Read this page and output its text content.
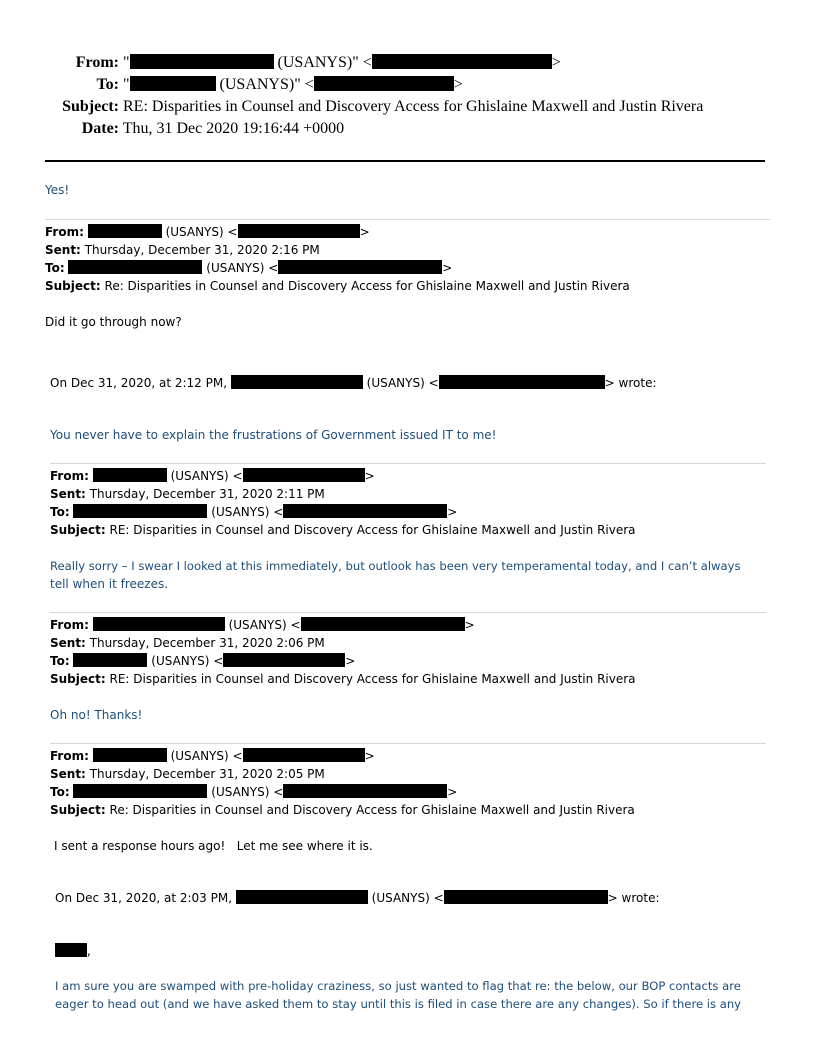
From: "	(USANYS)" <	>
To: "	(USANYS)" <	>
Subject: RE: Disparities in Counsel and Discovery Access for Ghislaine Maxwell and Justin Rivera
Date: Thu, 31 Dec 2020 19:16:44 +0000
Yes!
From:	(USANYS) <	>
Sent: Thursday, December 31, 2020 2:16 PM
To:	(USANYS) <	>
Subject: Re: Disparities in Counsel and Discovery Access for Ghislaine Maxwell and Justin Rivera
Did it go through now?
On Dec 31, 2020, at 2:12 PM,	(USANYS) <	> wrote:
You never have to explain the frustrations of Government issued IT to me!
From:	(USANYS) <	>
Sent: Thursday, December 31, 2020 2:11 PM
To:	(USANYS) <	>
Subject: RE: Disparities in Counsel and Discovery Access for Ghislaine Maxwell and Justin Rivera
Really sorry – I swear I looked at this immediately, but outlook has been very temperamental today, and I can’t always
tell when it freezes.
From:	(USANYS) <	>
Sent: Thursday, December 31, 2020 2:06 PM
To:	(USANYS) <	>
Subject: RE: Disparities in Counsel and Discovery Access for Ghislaine Maxwell and Justin Rivera
Oh no! Thanks!
From:	(USANYS) <	>
Sent: Thursday, December 31, 2020 2:05 PM
To:	(USANYS) <	>
Subject: Re: Disparities in Counsel and Discovery Access for Ghislaine Maxwell and Justin Rivera
I sent a response hours ago!   Let me see where it is.
On Dec 31, 2020, at 2:03 PM,	(USANYS) <	> wrote:
,
I am sure you are swamped with pre-holiday craziness, so just wanted to flag that re: the below, our BOP contacts are
eager to head out (and we have asked them to stay until this is filed in case there are any changes). So if there is any
